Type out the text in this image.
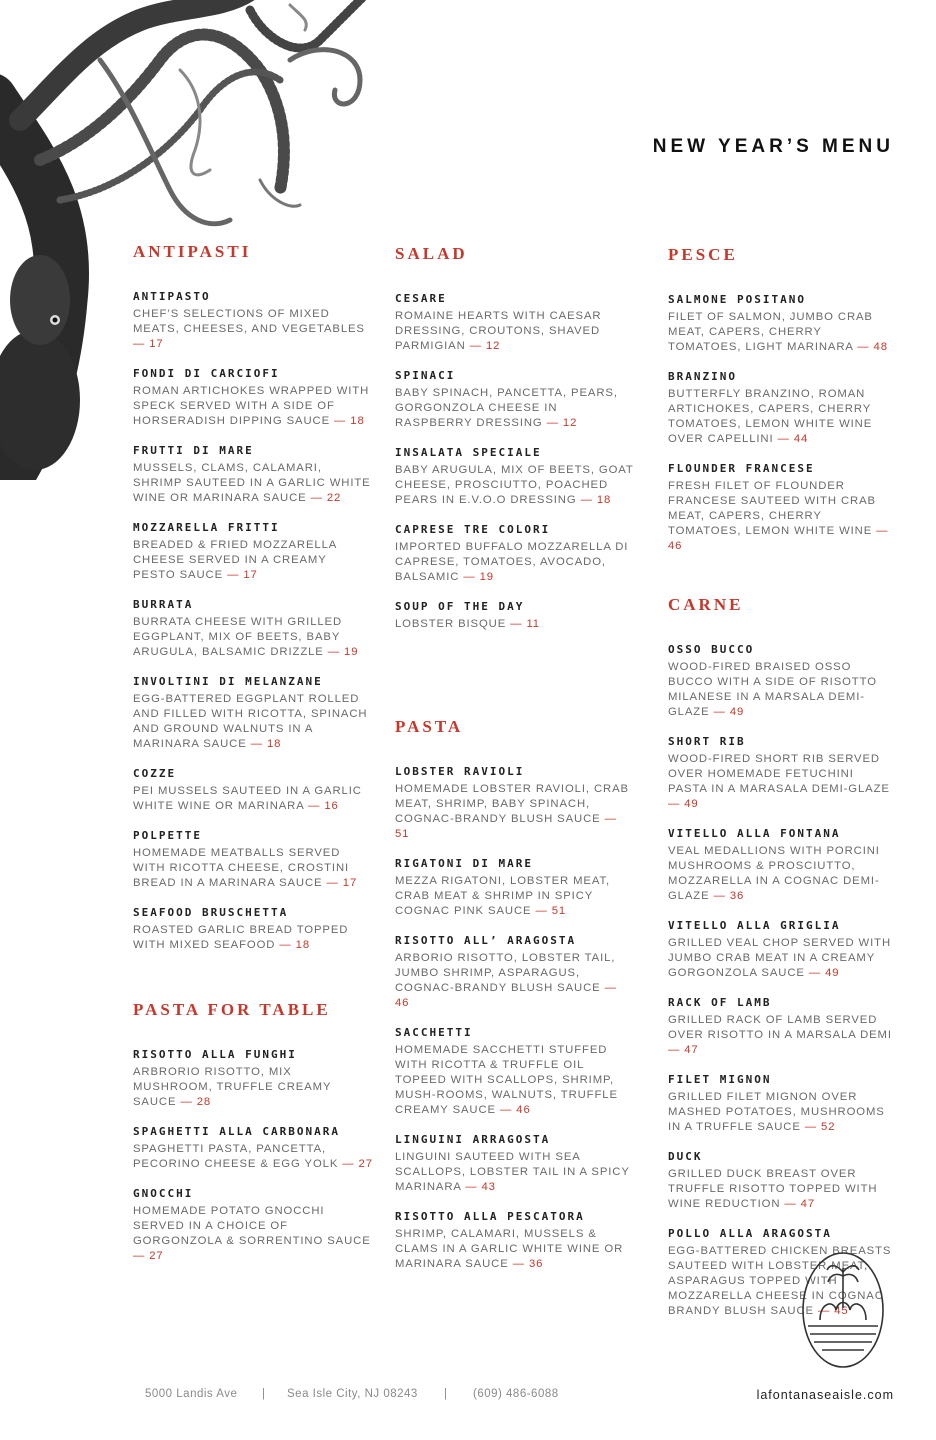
NEW YEAR’S MENU
ANTIPASTI
ANTIPASTO
CHEF’S SELECTIONS OF MIXED MEATS, CHEESES, AND VEGETABLES— 17
FONDI DI CARCIOFI
ROMAN ARTICHOKES WRAPPED WITH SPECK SERVED WITH A SIDE OF HORSERADISH DIPPING SAUCE — 18
FRUTTI DI MARE
MUSSELS, CLAMS, CALAMARI, SHRIMP SAUTEED IN A GARLIC WHITE WINE OR MARINARA SAUCE — 22
MOZZARELLA FRITTI
BREADED & FRIED MOZZARELLA CHEESE SERVED IN A CREAMY PESTO SAUCE — 17
BURRATA
BURRATA CHEESE WITH GRILLED EGGPLANT, MIX OF BEETS, BABY ARUGULA, BALSAMIC DRIZZLE — 19
INVOLTINI DI MELANZANE
EGG-BATTERED EGGPLANT ROLLED AND FILLED WITH RICOTTA, SPINACH AND GROUND WALNUTS IN A MARINARA SAUCE — 18
COZZE
PEI MUSSELS SAUTEED IN A GARLIC WHITE WINE OR MARINARA — 16
POLPETTE
HOMEMADE MEATBALLS SERVED WITH RICOTTA CHEESE, CROSTINI BREAD IN A MARINARA SAUCE — 17
SEAFOOD BRUSCHETTA
ROASTED GARLIC BREAD TOPPED WITH MIXED SEAFOOD — 18
PASTA FOR TABLE
RISOTTO ALLA FUNGHI
ARBRORIO RISOTTO, MIX MUSHROOM, TRUFFLE CREAMY SAUCE — 28
SPAGHETTI ALLA CARBONARA
SPAGHETTI PASTA, PANCETTA, PECORINO CHEESE & EGG YOLK — 27
GNOCCHI
HOMEMADE POTATO GNOCCHI SERVED IN A CHOICE OF GORGONZOLA & SORRENTINO SAUCE— 27
SALAD
CESARE
ROMAINE HEARTS WITH CAESAR DRESSING, CROUTONS, SHAVED PARMIGIAN — 12
SPINACI
BABY SPINACH, PANCETTA, PEARS, GORGONZOLA CHEESE IN RASPBERRY DRESSING — 12
INSALATA SPECIALE
BABY ARUGULA, MIX OF BEETS, GOAT CHEESE, PROSCIUTTO, POACHED PEARS IN E.V.O.O DRESSING — 18
CAPRESE TRE COLORI
IMPORTED BUFFALO MOZZARELLA DI CAPRESE, TOMATOES, AVOCADO, BALSAMIC — 19
SOUP OF THE DAY
LOBSTER BISQUE — 11
PASTA
LOBSTER RAVIOLI
HOMEMADE LOBSTER RAVIOLI, CRAB MEAT, SHRIMP, BABY SPINACH, COGNAC-BRANDY BLUSH SAUCE— 51
RIGATONI DI MARE
MEZZA RIGATONI, LOBSTER MEAT, CRAB MEAT & SHRIMP IN SPICY COGNAC PINK SAUCE — 51
RISOTTO ALL’ ARAGOSTA
ARBORIO RISOTTO, LOBSTER TAIL, JUMBO SHRIMP, ASPARAGUS, COGNAC-BRANDY BLUSH SAUCE— 46
SACCHETTI
HOMEMADE SACCHETTI STUFFED WITH RICOTTA & TRUFFLE OIL TOPEED WITH SCALLOPS, SHRIMP, MUSH-ROOMS, WALNUTS, TRUFFLE CREAMY SAUCE — 46
LINGUINI ARRAGOSTA
LINGUINI SAUTEED WITH SEA SCALLOPS, LOBSTER TAIL IN A SPICY MARINARA — 43
RISOTTO ALLA PESCATORA
SHRIMP, CALAMARI, MUSSELS & CLAMS IN A GARLIC WHITE WINE OR MARINARA SAUCE — 36
PESCE
SALMONE POSITANO
FILET OF SALMON, JUMBO CRAB MEAT, CAPERS, CHERRY TOMATOES, LIGHT MARINARA — 48
BRANZINO
BUTTERFLY BRANZINO, ROMAN ARTICHOKES, CAPERS, CHERRY TOMATOES, LEMON WHITE WINE OVER CAPELLINI — 44
FLOUNDER FRANCESE
FRESH FILET OF FLOUNDER FRANCESE SAUTEED WITH CRAB MEAT, CAPERS, CHERRY TOMATOES, LEMON WHITE WINE— 46
CARNE
OSSO BUCCO
WOOD-FIRED BRAISED OSSO BUCCO WITH A SIDE OF RISOTTO MILANESE IN A MARSALA DEMI-GLAZE — 49
SHORT RIB
WOOD-FIRED SHORT RIB SERVED OVER HOMEMADE FETUCHINI PASTA IN A MARASALA DEMI-GLAZE— 49
VITELLO ALLA FONTANA
VEAL MEDALLIONS WITH PORCINI MUSHROOMS & PROSCIUTTO, MOZZARELLA IN A COGNAC DEMI-GLAZE — 36
VITELLO ALLA GRIGLIA
GRILLED VEAL CHOP SERVED WITH JUMBO CRAB MEAT IN A CREAMY GORGONZOLA SAUCE — 49
RACK OF LAMB
GRILLED RACK OF LAMB SERVED OVER RISOTTO IN A MARSALA DEMI— 47
FILET MIGNON
GRILLED FILET MIGNON OVER MASHED POTATOES, MUSHROOMS IN A TRUFFLE SAUCE — 52
DUCK
GRILLED DUCK BREAST OVER TRUFFLE RISOTTO TOPPED WITH WINE REDUCTION — 47
POLLO ALLA ARAGOSTA
EGG-BATTERED CHICKEN BREASTS SAUTEED WITH LOBSTER MEAT, ASPARAGUS TOPPED WITH MOZZARELLA CHEESE IN COGNAC BRANDY BLUSH SAUCE — 45
5000 Landis Ave | Sea Isle City, NJ 08243 | (609) 486-6088	lafontanaseaisle.com
